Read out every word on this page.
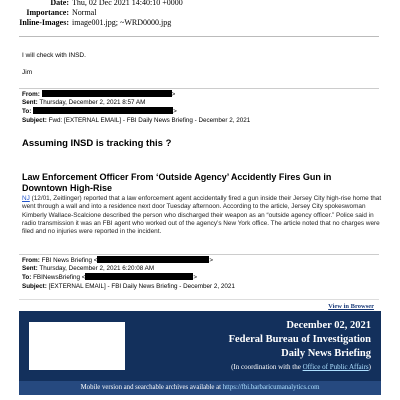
Date: Thu, 02 Dec 2021 14:40:10 +0000
Importance: Normal
Inline-Images: image001.jpg; ~WRD0000.jpg
I will check with INSD.
Jim
From:	>
Sent: Thursday, December 2, 2021 8:57 AM
To:	>
Subject: Fwd: [EXTERNAL EMAIL] - FBI Daily News Briefing - December 2, 2021
Assuming INSD is tracking this ?
Law Enforcement Officer From ‘Outside Agency’ Accidently Fires Gun in Downtown High-Rise
NJ (12/01, Zeitlinger) reported that a law enforcement agent accidentally fired a gun inside their Jersey City high-rise home that went through a wall and into a residence next door Tuesday afternoon. According to the article, Jersey City spokeswoman Kimberly Wallace-Scalcione described the person who discharged their weapon as an “outside agency officer.” Police said in radio transmission it was an FBI agent who worked out of the agency’s New York office. The article noted that no charges were filed and no injuries were reported in the incident.
From: FBI News Briefing <	>
Sent: Thursday, December 2, 2021 6:20:08 AM
To: FBINewsBriefing <	>
Subject: [EXTERNAL EMAIL] - FBI Daily News Briefing - December 2, 2021
View in Browser
December 02, 2021
Federal Bureau of Investigation
Daily News Briefing
(In coordination with the Office of Public Affairs)
Mobile version and searchable archives available at https://fbi.barbaricumanalytics.com
